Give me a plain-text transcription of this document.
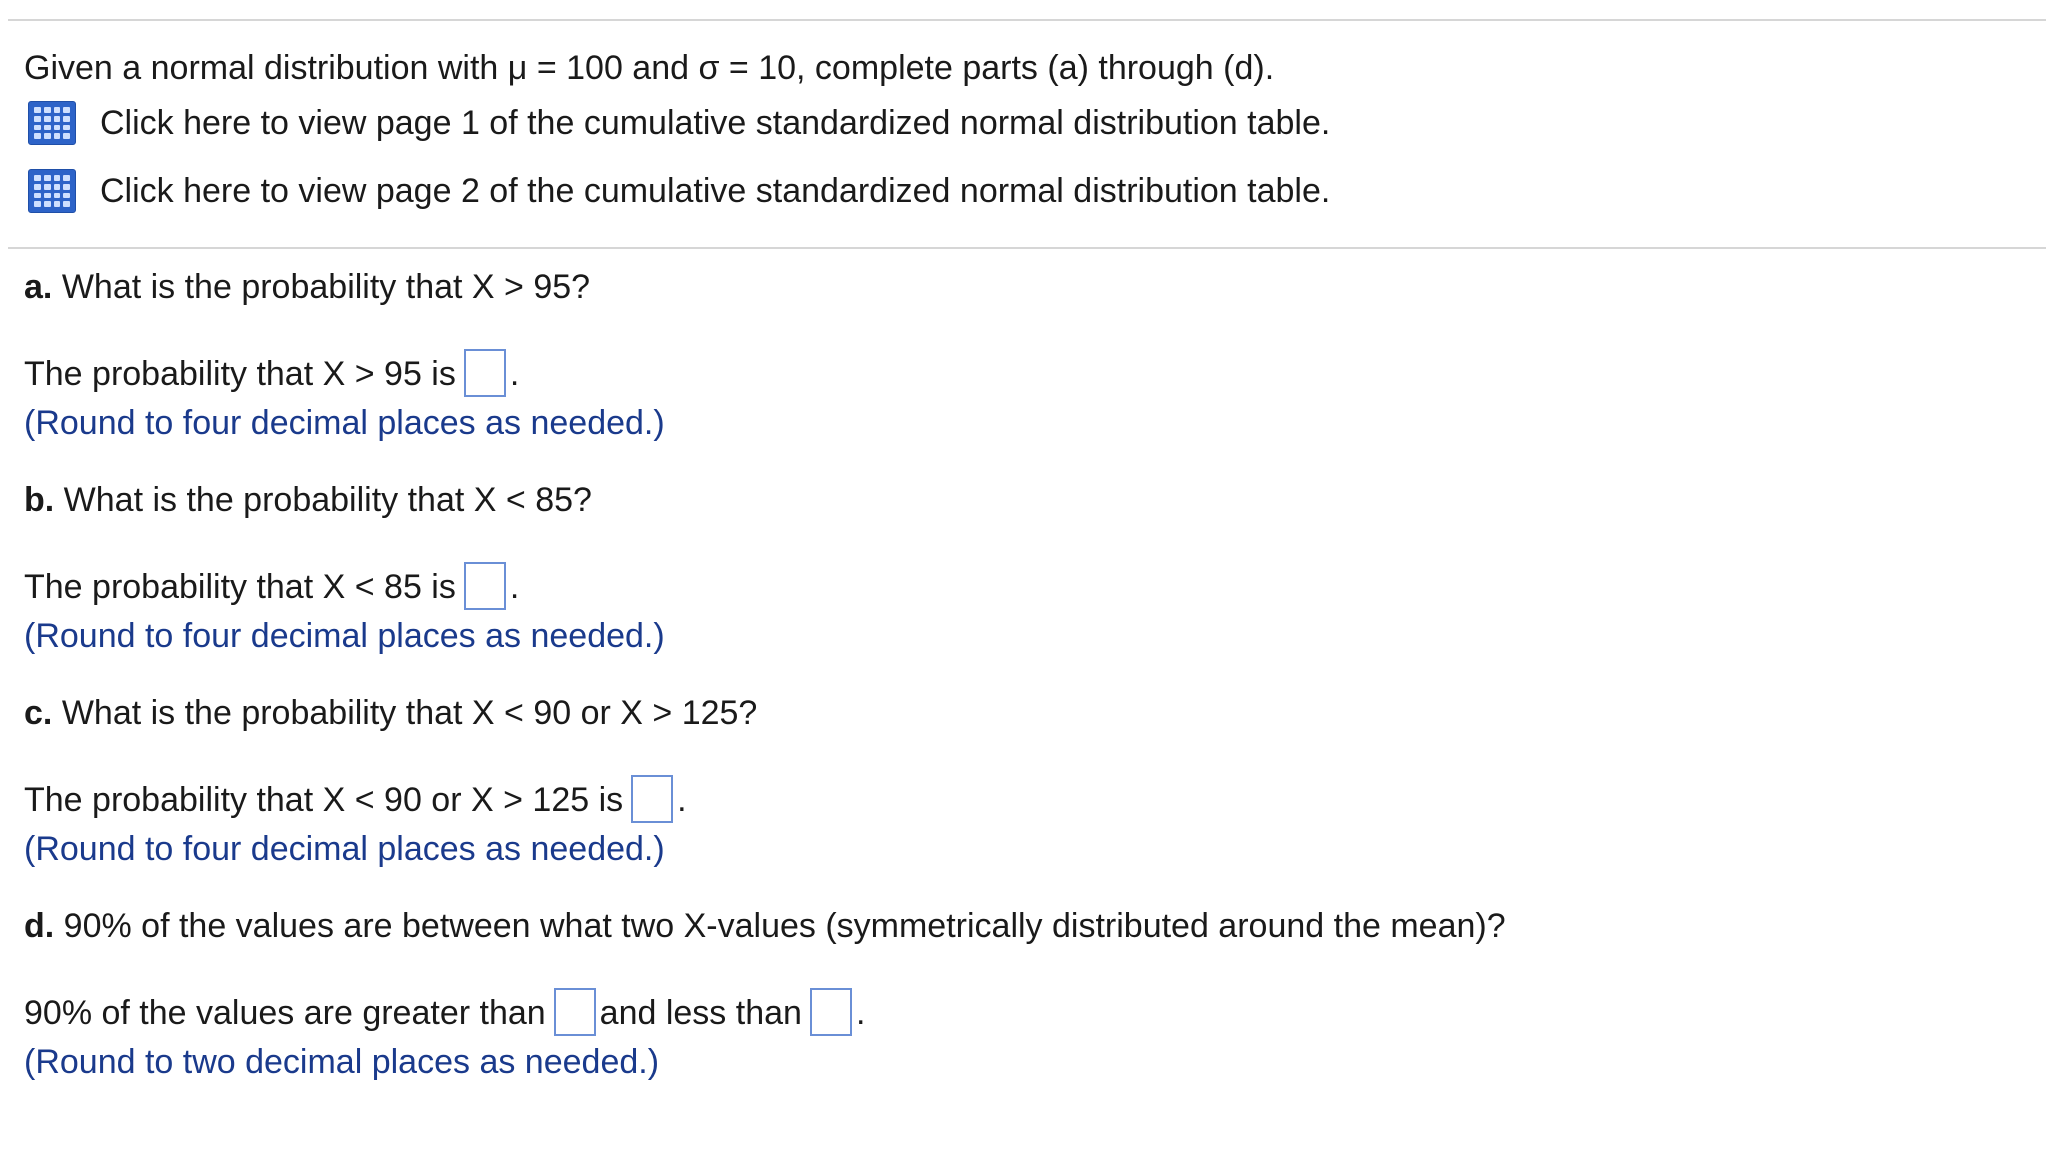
Given a normal distribution with μ = 100 and σ = 10, complete parts (a) through (d).
Click here to view page 1 of the cumulative standardized normal distribution table.
Click here to view page 2 of the cumulative standardized normal distribution table.
a. What is the probability that X > 95?
The probability that X > 95 is .
(Round to four decimal places as needed.)
b. What is the probability that X < 85?
The probability that X < 85 is .
(Round to four decimal places as needed.)
c. What is the probability that X < 90 or X > 125?
The probability that X < 90 or X > 125 is .
(Round to four decimal places as needed.)
d. 90% of the values are between what two X-values (symmetrically distributed around the mean)?
90% of the values are greater than and less than .
(Round to two decimal places as needed.)
